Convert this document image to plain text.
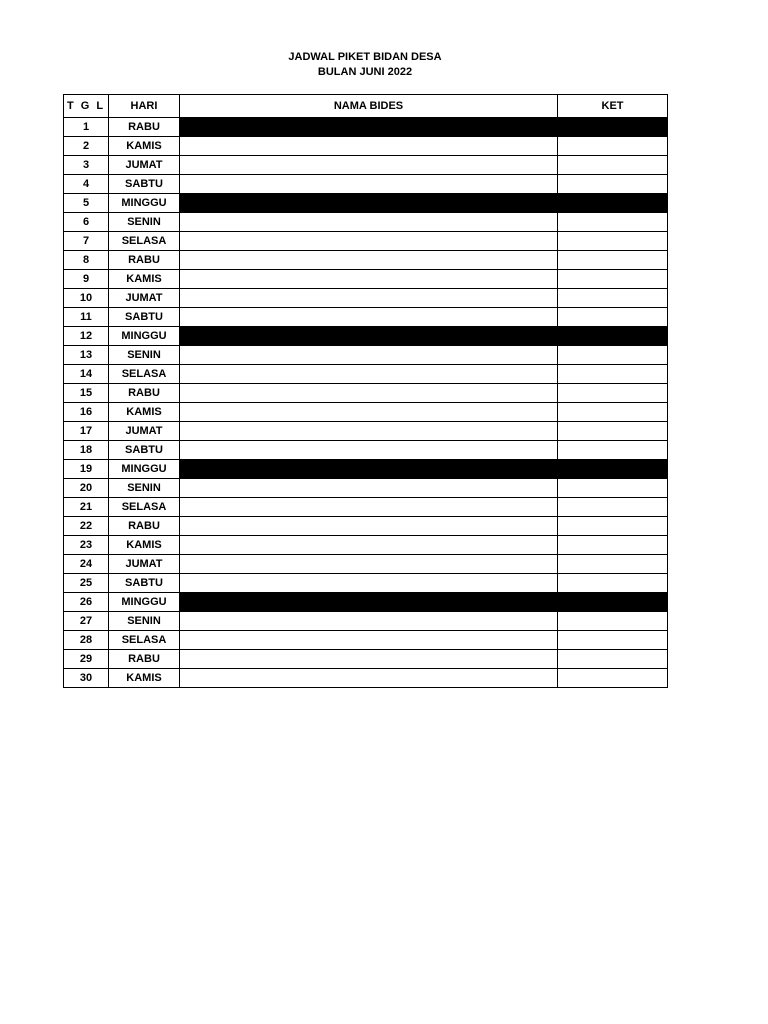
JADWAL PIKET BIDAN DESA
BULAN JUNI 2022
T G L	HARI	NAMA BIDES	KET
1	RABU		
2	KAMIS		
3	JUMAT		
4	SABTU		
5	MINGGU		
6	SENIN		
7	SELASA		
8	RABU		
9	KAMIS		
10	JUMAT		
11	SABTU		
12	MINGGU		
13	SENIN		
14	SELASA		
15	RABU		
16	KAMIS		
17	JUMAT		
18	SABTU		
19	MINGGU		
20	SENIN		
21	SELASA		
22	RABU		
23	KAMIS		
24	JUMAT		
25	SABTU		
26	MINGGU		
27	SENIN		
28	SELASA		
29	RABU		
30	KAMIS		
